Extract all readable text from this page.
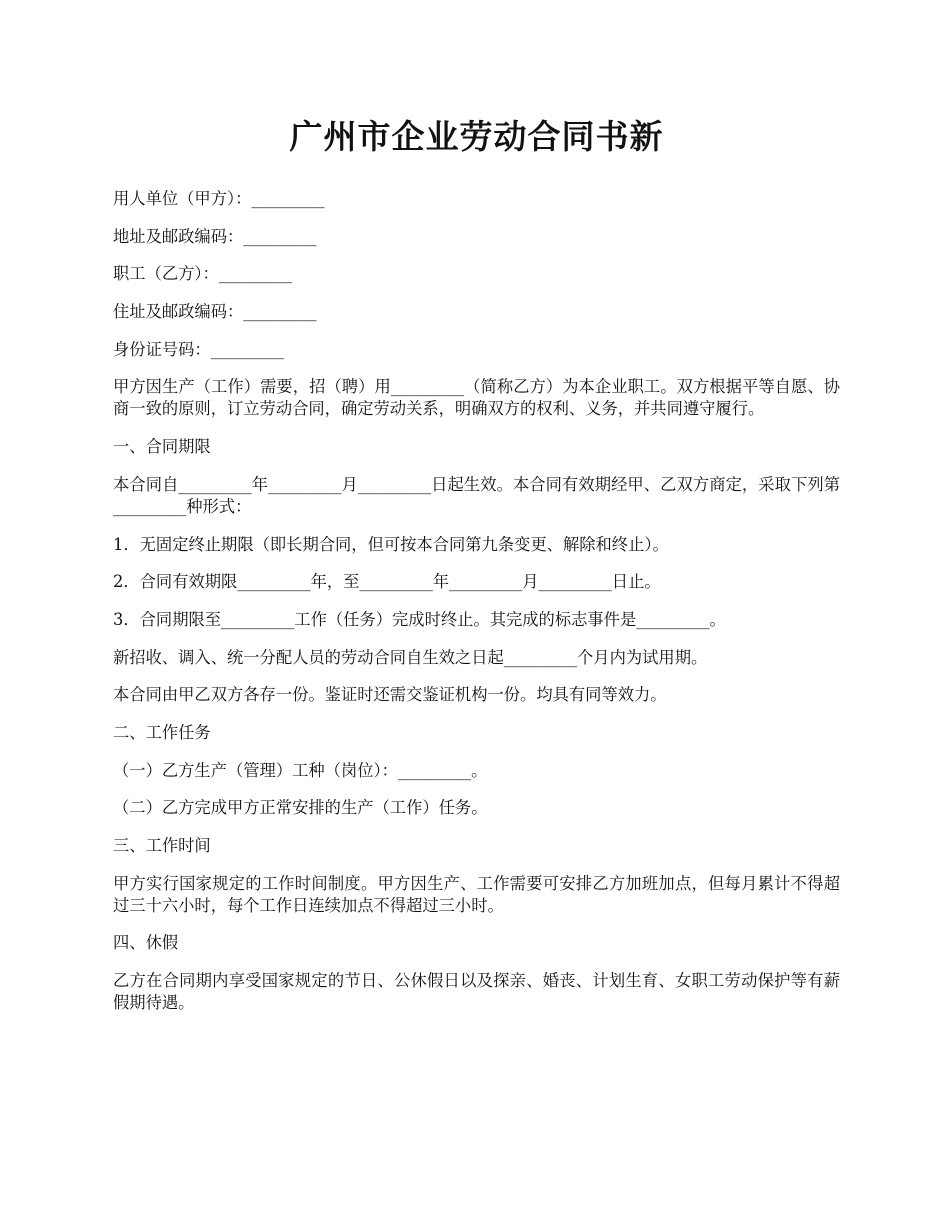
广州市企业劳动合同书新

用人单位（甲方）：_________

地址及邮政编码：_________

职工（乙方）：_________

住址及邮政编码：_________

身份证号码：_________

甲方因生产（工作）需要，招（聘）用_________（简称乙方）为本企业职工。双方根据平等自愿、协商一致的原则，订立劳动合同，确定劳动关系，明确双方的权利、义务，并共同遵守履行。

一、合同期限

本合同自_________年_________月_________日起生效。本合同有效期经甲、乙双方商定，采取下列第_________种形式：

1．无固定终止期限（即长期合同，但可按本合同第九条变更、解除和终止）。

2．合同有效期限_________年，至_________年_________月_________日止。

3．合同期限至_________工作（任务）完成时终止。其完成的标志事件是_________。

新招收、调入、统一分配人员的劳动合同自生效之日起_________个月内为试用期。

本合同由甲乙双方各存一份。鉴证时还需交鉴证机构一份。均具有同等效力。

二、工作任务

（一）乙方生产（管理）工种（岗位）：_________。

（二）乙方完成甲方正常安排的生产（工作）任务。

三、工作时间

甲方实行国家规定的工作时间制度。甲方因生产、工作需要可安排乙方加班加点，但每月累计不得超过三十六小时，每个工作日连续加点不得超过三小时。

四、休假

乙方在合同期内享受国家规定的节日、公休假日以及探亲、婚丧、计划生育、女职工劳动保护等有薪假期待遇。
